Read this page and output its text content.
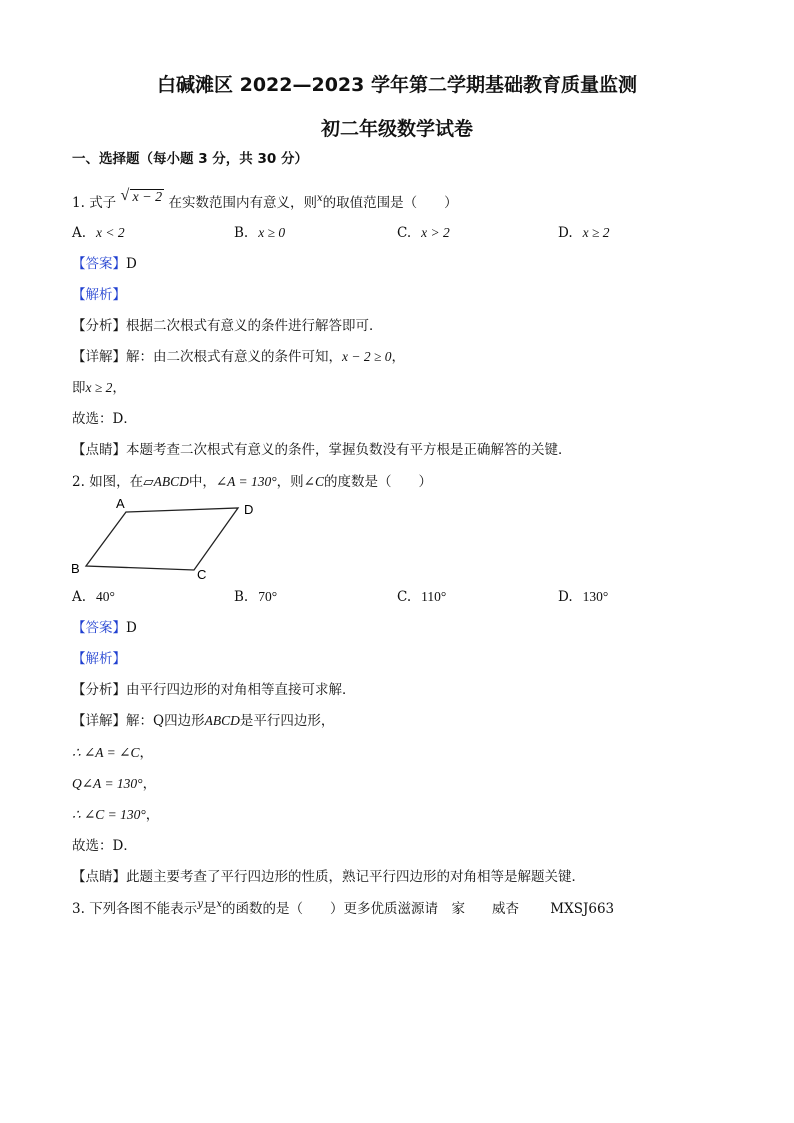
白碱滩区 2022—2023 学年第二学期基础教育质量监测
初二年级数学试卷
一、选择题（每小题 3 分，共 30 分）
1. 式子 √ x − 2 在实数范围内有意义，则$^x$的取值范围是（　　）
A. x < 2	B. x ≥ 0	C. x > 2	D. x ≥ 2
【答案】D
【解析】
【分析】根据二次根式有意义的条件进行解答即可．
【详解】解：由二次根式有意义的条件可知，x − 2 ≥ 0，
即x ≥ 2，
故选：D．
【点睛】本题考查二次根式有意义的条件，掌握负数没有平方根是正确解答的关键．
2. 如图，在▱ABCD中，∠A = 130°，则∠C的度数是（　　）
A	D
B	C
A. 40°	B. 70°	C. 110°	D. 130°
【答案】D
【解析】
【分析】由平行四边形的对角相等直接可求解．
【详解】解：Q四边形ABCD是平行四边形，
∴ ∠A = ∠C，
Q∠A = 130°，
∴ ∠C = 130°，
故选：D．
【点睛】此题主要考查了平行四边形的性质，熟记平行四边形的对角相等是解题关键．
3. 下列各图不能表示$^y$是$^x$的函数的是（　　）更多优质滋源请　家　　威杏　　 MXSJ663
